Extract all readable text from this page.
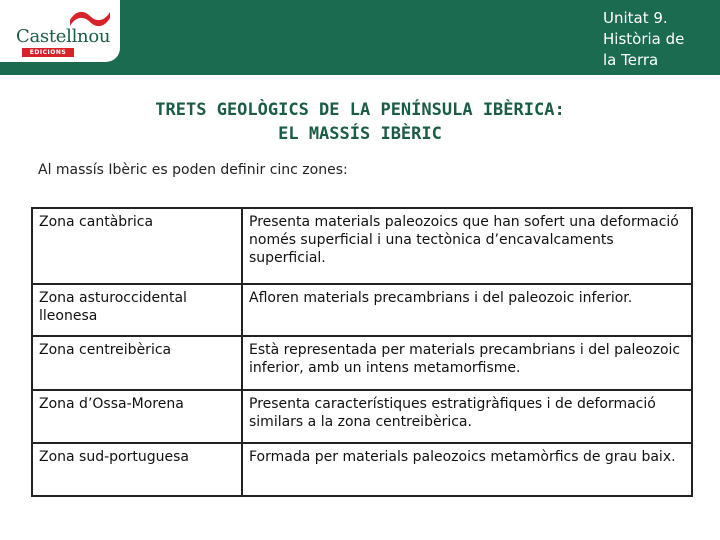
Castellnou
EDICIONS
Unitat 9.
Història de
la Terra
TRETS GEOLÒGICS DE LA PENÍNSULA IBÈRICA:
EL MASSÍS IBÈRIC
Al massís Ibèric es poden definir cinc zones:
Zona cantàbrica	Presenta materials paleozoics que han sofert una deformació només superficial i una tectònica d’encavalcaments superficial.
Zona asturoccidental lleonesa	Afloren materials precambrians i del paleozoic inferior.
Zona centreibèrica	Està representada per materials precambrians i del paleozoic inferior, amb un intens metamorfisme.
Zona d’Ossa-Morena	Presenta característiques estratigràfiques i de deformació similars a la zona centreibèrica.
Zona sud-portuguesa	Formada per materials paleozoics metamòrfics de grau baix.
